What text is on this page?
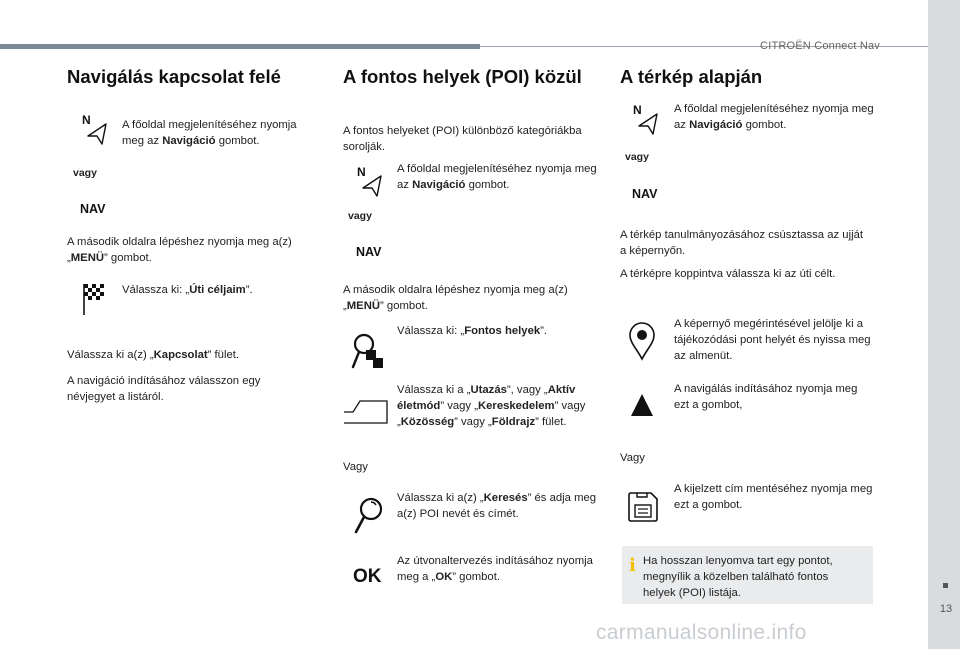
CITROËN Connect Nav
13
carmanualsonline.info
Navigálás kapcsolat felé
N	A főoldal megjelenítéséhez nyomja meg az Navigáció gombot.
vagy
NAV
A második oldalra lépéshez nyomja meg a(z) „MENÜ” gombot.
Válassza ki: „Úti céljaim”.
Válassza ki a(z) „Kapcsolat” fület.
A navigáció indításához válasszon egy névjegyet a listáról.
A fontos helyek (POI) közül
A fontos helyeket (POI) különböző kategóriákba sorolják.
N	A főoldal megjelenítéséhez nyomja meg az Navigáció gombot.
vagy
NAV
A második oldalra lépéshez nyomja meg a(z) „MENÜ” gombot.
Válassza ki: „Fontos helyek”.
Válassza ki a „Utazás”, vagy „Aktív életmód” vagy „Kereskedelem” vagy „Közösség” vagy „Földrajz” fület.
Vagy
Válassza ki a(z) „Keresés” és adja meg a(z) POI nevét és címét.
OK
Az útvonaltervezés indításához nyomja meg a „OK” gombot.
A térkép alapján
N	A főoldal megjelenítéséhez nyomja meg az Navigáció gombot.
vagy
NAV
A térkép tanulmányozásához csúsztassa az ujját a képernyőn.
A térképre koppintva válassza ki az úti célt.
A képernyő megérintésével jelölje ki a tájékozódási pont helyét és nyissa meg az almenüt.
A navigálás indításához nyomja meg ezt a gombot,
Vagy
A kijelzett cím mentéséhez nyomja meg ezt a gombot.
i Ha hosszan lenyomva tart egy pontot, megnyílik a közelben található fontos helyek (POI) listája.
